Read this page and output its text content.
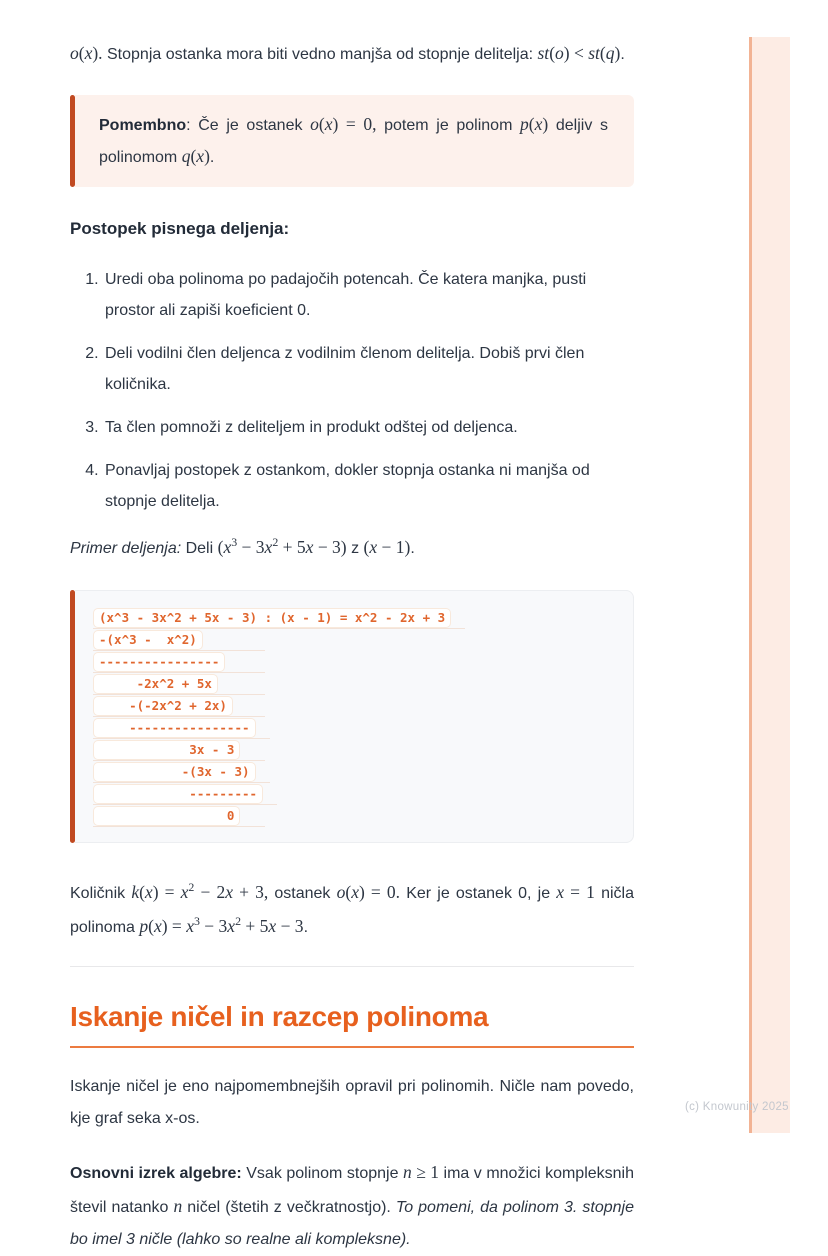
o(x). Stopnja ostanka mora biti vedno manjša od stopnje delitelja: st(o) < st(q).

Pomembno: Če je ostanek o(x) = 0, potem je polinom p(x) deljiv s polinomom q(x).
Postopek pisnega deljenja:
1. Uredi oba polinoma po padajočih potencah. Če katera manjka, pusti prostor ali zapiši koeficient 0.
2. Deli vodilni člen deljenca z vodilnim členom delitelja. Dobiš prvi člen količnika.
3. Ta člen pomnoži z deliteljem in produkt odštej od deljenca.
4. Ponavljaj postopek z ostankom, dokler stopnja ostanka ni manjša od stopnje delitelja.

Primer deljenja: Deli $(x^3 - 3x^2 + 5x - 3)$ z (x − 1).

(x^3 - 3x^2 + 5x - 3) : (x - 1) = x^2 - 2x + 3
-(x^3 -  x^2)
----------------
-2x^2 + 5x
-(-2x^2 + 2x)
----------------
3x - 3
-(3x - 3)
---------
0

Količnik $k(x) = x^2 - 2x + 3$, ostanek o(x) = 0. Ker je ostanek 0, je x = 1 ničla polinoma $p(x) = x^3 - 3x^2 + 5x - 3$.

Iskanje ničel in razcep polinoma

Iskanje ničel je eno najpomembnejših opravil pri polinomih. Ničle nam povedo, kje graf seka x-os.

Osnovni izrek algebre: Vsak polinom stopnje n ≥ 1 ima v množici kompleksnih števil natanko n ničel (štetih z večkratnostjo). To pomeni, da polinom 3. stopnje bo imel 3 ničle (lahko so realne ali kompleksne).

(c) Knowunity 2025
